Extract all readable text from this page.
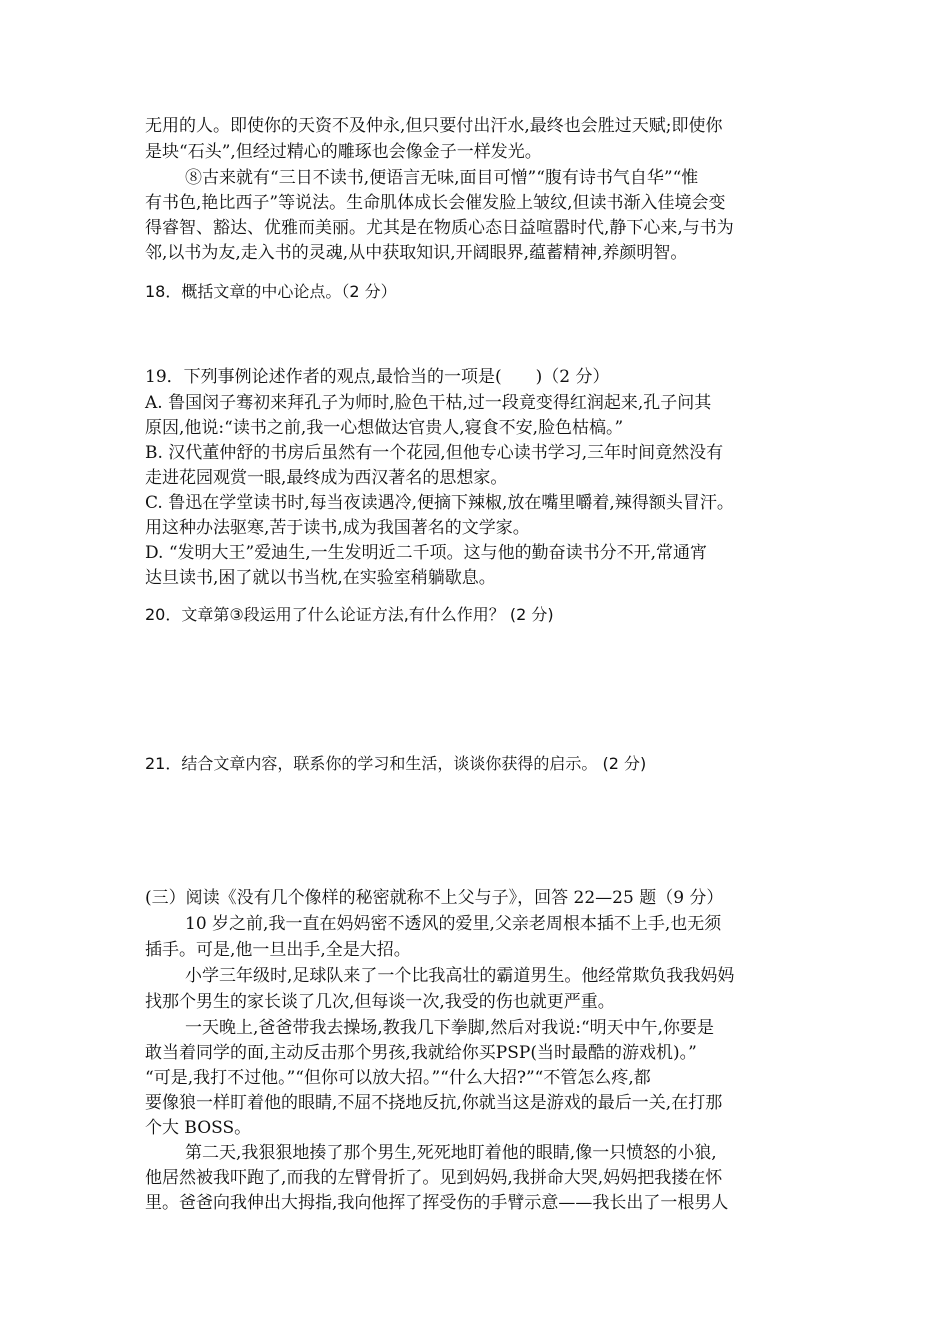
无用的人。即使你的天资不及仲永,但只要付出汗水,最终也会胜过天赋;即使你
是块“石头”,但经过精心的雕琢也会像金子一样发光。
⑧古来就有“三日不读书,便语言无味,面目可憎”“腹有诗书气自华”“惟
有书色,艳比西子”等说法。生命肌体成长会催发脸上皱纹,但读书渐入佳境会变
得睿智、豁达、优雅而美丽。尤其是在物质心态日益喧嚣时代,静下心来,与书为
邻,以书为友,走入书的灵魂,从中获取知识,开阔眼界,蕴蓄精神,养颜明智。
18．概括文章的中心论点。（2 分）
19．下列事例论述作者的观点,最恰当的一项是(　　)（2 分）
A. 鲁国闵子骞初来拜孔子为师时,脸色干枯,过一段竟变得红润起来,孔子问其
原因,他说:“读书之前,我一心想做达官贵人,寝食不安,脸色枯槁。”
B. 汉代董仲舒的书房后虽然有一个花园,但他专心读书学习,三年时间竟然没有
走进花园观赏一眼,最终成为西汉著名的思想家。
C. 鲁迅在学堂读书时,每当夜读遇冷,便摘下辣椒,放在嘴里嚼着,辣得额头冒汗。
用这种办法驱寒,苦于读书,成为我国著名的文学家。
D. “发明大王”爱迪生,一生发明近二千项。这与他的勤奋读书分不开,常通宵
达旦读书,困了就以书当枕,在实验室稍躺歇息。
20．文章第③段运用了什么论证方法,有什么作用？ (2 分)
21．结合文章内容，联系你的学习和生活，谈谈你获得的启示。 (2 分)
(三）阅读《没有几个像样的秘密就称不上父与子》，回答 22—25 题（9 分）
10 岁之前,我一直在妈妈密不透风的爱里,父亲老周根本插不上手,也无须
插手。可是,他一旦出手,全是大招。
小学三年级时,足球队来了一个比我高壮的霸道男生。他经常欺负我我妈妈
找那个男生的家长谈了几次,但每谈一次,我受的伤也就更严重。
一天晚上,爸爸带我去操场,教我几下拳脚,然后对我说:“明天中午,你要是
敢当着同学的面,主动反击那个男孩,我就给你买PSP(当时最酷的游戏机)。”
“可是,我打不过他。”“但你可以放大招。”“什么大招?”“不管怎么疼,都
要像狼一样盯着他的眼睛,不屈不挠地反抗,你就当这是游戏的最后一关,在打那
个大 BOSS。
第二天,我狠狠地揍了那个男生,死死地盯着他的眼睛,像一只愤怒的小狼,
他居然被我吓跑了,而我的左臂骨折了。见到妈妈,我拼命大哭,妈妈把我搂在怀
里。爸爸向我伸出大拇指,我向他挥了挥受伤的手臂示意——我长出了一根男人
